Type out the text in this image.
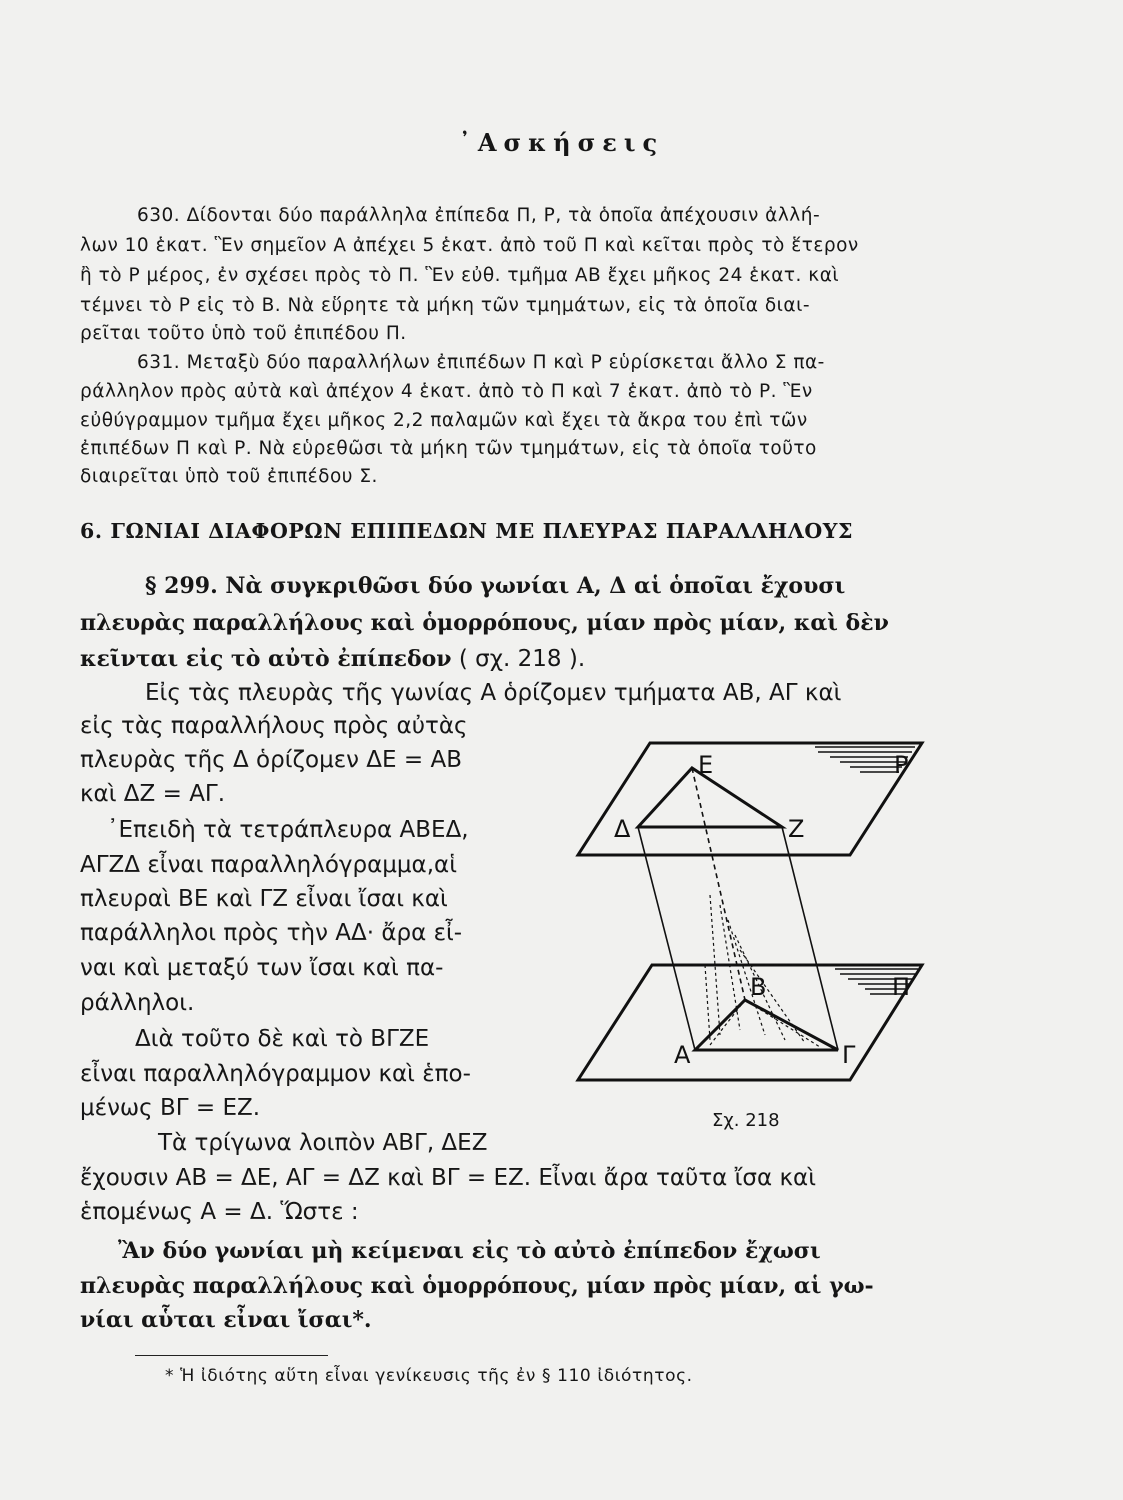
᾿Ασκήσεις
630. Δίδονται δύο παράλληλα ἐπίπεδα Π, Ρ, τὰ ὁποῖα ἀπέχουσιν ἀλλή-
λων 10 ἑκατ. Ἓν σημεῖον Α ἀπέχει 5 ἑκατ. ἀπὸ τοῦ Π καὶ κεῖται πρὸς τὸ ἕτερον
ἢ τὸ Ρ μέρος, ἐν σχέσει πρὸς τὸ Π. Ἓν εὐθ. τμῆμα ΑΒ ἔχει μῆκος 24 ἑκατ. καὶ
τέμνει τὸ Ρ εἰς τὸ Β. Νὰ εὕρητε τὰ μήκη τῶν τμημάτων, εἰς τὰ ὁποῖα διαι-
ρεῖται τοῦτο ὑπὸ τοῦ ἐπιπέδου Π.
631. Μεταξὺ δύο παραλλήλων ἐπιπέδων Π καὶ Ρ εὑρίσκεται ἄλλο Σ πα-
ράλληλον πρὸς αὐτὰ καὶ ἀπέχον 4 ἑκατ. ἀπὸ τὸ Π καὶ 7 ἑκατ. ἀπὸ τὸ Ρ. Ἓν
εὐθύγραμμον τμῆμα ἔχει μῆκος 2,2 παλαμῶν καὶ ἔχει τὰ ἄκρα του ἐπὶ τῶν
ἐπιπέδων Π καὶ Ρ. Νὰ εὑρεθῶσι τὰ μήκη τῶν τμημάτων, εἰς τὰ ὁποῖα τοῦτο
διαιρεῖται ὑπὸ τοῦ ἐπιπέδου Σ.
6. ΓΩΝΙΑΙ ΔΙΑΦΟΡΩΝ ΕΠΙΠΕΔΩΝ ΜΕ ΠΛΕΥΡΑΣ ΠΑΡΑΛΛΗΛΟΥΣ
§ 299. Νὰ συγκριθῶσι δύο γωνίαι Α, Δ αἱ ὁποῖαι ἔχουσι
πλευρὰς παραλλήλους καὶ ὁμορρόπους, μίαν πρὸς μίαν, καὶ δὲν
κεῖνται εἰς τὸ αὐτὸ ἐπίπεδον ( σχ. 218 ).
Εἰς τὰς πλευρὰς τῆς γωνίας Α ὁρίζομεν τμήματα ΑΒ, ΑΓ καὶ
εἰς τὰς παραλλήλους πρὸς αὐτὰς
πλευρὰς τῆς Δ ὁρίζομεν ΔΕ = ΑΒ
καὶ ΔΖ = ΑΓ.
᾿Επειδὴ τὰ τετράπλευρα ΑΒΕΔ,
ΑΓΖΔ εἶναι παραλληλόγραμμα,αἱ
πλευραὶ ΒΕ καὶ ΓΖ εἶναι ἴσαι καὶ
παράλληλοι πρὸς τὴν ΑΔ· ἄρα εἶ-
ναι καὶ μεταξύ των ἴσαι καὶ πα-
ράλληλοι.
Διὰ τοῦτο δὲ καὶ τὸ ΒΓΖΕ
εἶναι παραλληλόγραμμον καὶ ἑπο-
μένως ΒΓ = ΕΖ.
Τὰ τρίγωνα λοιπὸν ΑΒΓ, ΔΕΖ
ἔχουσιν ΑΒ = ΔΕ, ΑΓ = ΔΖ καὶ ΒΓ = ΕΖ. Εἶναι ἄρα ταῦτα ἴσα καὶ
ἑπομένως Α = Δ. Ὥστε :
Ἂν δύο γωνίαι μὴ κείμεναι εἰς τὸ αὐτὸ ἐπίπεδον ἔχωσι
πλευρὰς παραλλήλους καὶ ὁμορρόπους, μίαν πρὸς μίαν, αἱ γω-
νίαι αὗται εἶναι ἴσαι*.
E
Z
Δ
P
B
A	Γ
Π
Σχ. 218
* Ἡ ἰδιότης αὕτη εἶναι γενίκευσις τῆς ἐν § 110 ἰδιότητος.
